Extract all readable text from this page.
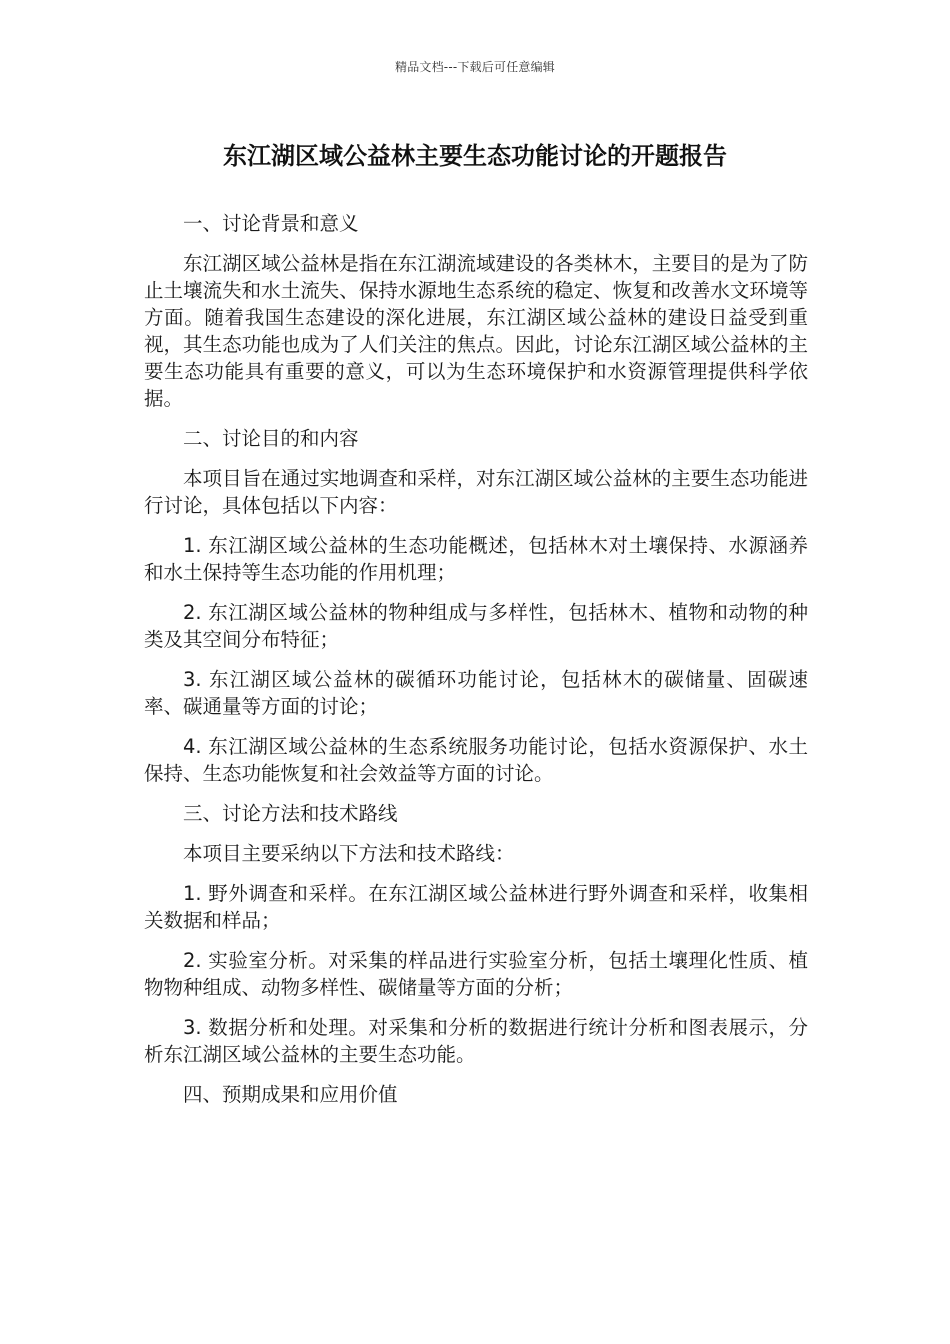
精品文档---下载后可任意编辑
东江湖区域公益林主要生态功能讨论的开题报告

一、讨论背景和意义

东江湖区域公益林是指在东江湖流域建设的各类林木，主要目的是为了防止土壤流失和水土流失、保持水源地生态系统的稳定、恢复和改善水文环境等方面。随着我国生态建设的深化进展，东江湖区域公益林的建设日益受到重视，其生态功能也成为了人们关注的焦点。因此，讨论东江湖区域公益林的主要生态功能具有重要的意义，可以为生态环境保护和水资源管理提供科学依据。

二、讨论目的和内容

本项目旨在通过实地调查和采样，对东江湖区域公益林的主要生态功能进行讨论，具体包括以下内容：

1. 东江湖区域公益林的生态功能概述，包括林木对土壤保持、水源涵养和水土保持等生态功能的作用机理；

2. 东江湖区域公益林的物种组成与多样性，包括林木、植物和动物的种类及其空间分布特征；

3. 东江湖区域公益林的碳循环功能讨论，包括林木的碳储量、固碳速率、碳通量等方面的讨论；

4. 东江湖区域公益林的生态系统服务功能讨论，包括水资源保护、水土保持、生态功能恢复和社会效益等方面的讨论。

三、讨论方法和技术路线

本项目主要采纳以下方法和技术路线：

1. 野外调查和采样。在东江湖区域公益林进行野外调查和采样，收集相关数据和样品；

2. 实验室分析。对采集的样品进行实验室分析，包括土壤理化性质、植物物种组成、动物多样性、碳储量等方面的分析；

3. 数据分析和处理。对采集和分析的数据进行统计分析和图表展示，分析东江湖区域公益林的主要生态功能。

四、预期成果和应用价值
